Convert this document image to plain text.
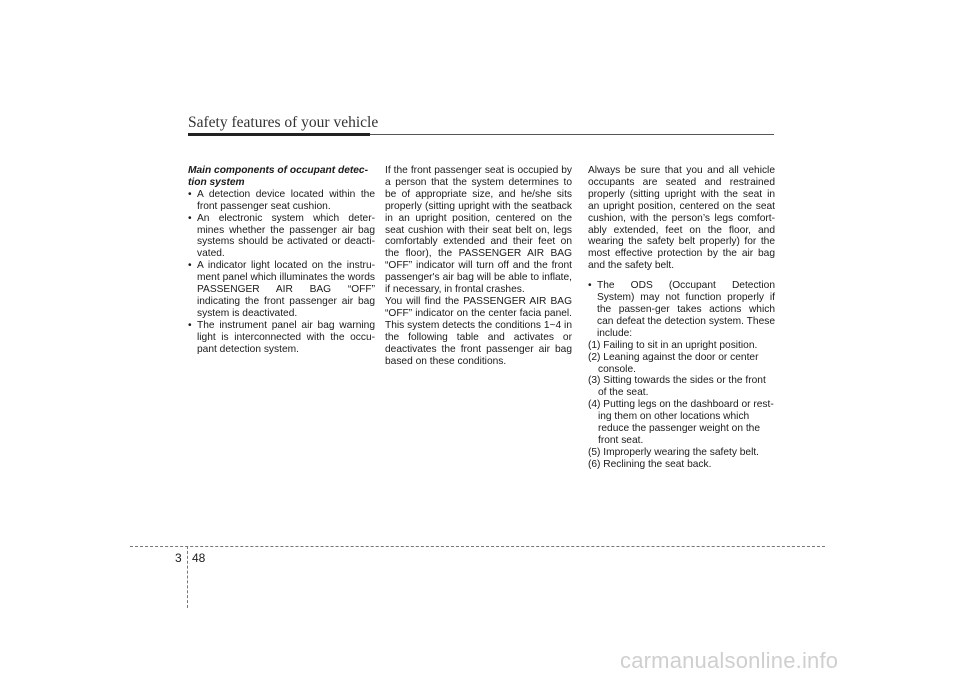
Safety features of your vehicle

Main components of occupant detec-tion system

• A detection device located within the front passenger seat cushion.

• An electronic system which deter-mines whether the passenger air bag systems should be activated or deacti-vated.

• A indicator light located on the instru-ment panel which illuminates the words PASSENGER AIR BAG “OFF” indicating the front passenger air bag system is deactivated.

• The instrument panel air bag warning light is interconnected with the occu-pant detection system.

If the front passenger seat is occupied by a person that the system determines to be of appropriate size, and he/she sits properly (sitting upright with the seatback in an upright position, centered on the seat cushion with their seat belt on, legs comfortably extended and their feet on the floor), the PASSENGER AIR BAG “OFF” indicator will turn off and the front passenger's air bag will be able to inflate, if necessary, in frontal crashes.

You will find the PASSENGER AIR BAG “OFF” indicator on the center facia panel. This system detects the conditions 1~4 in the following table and activates or deactivates the front passenger air bag based on these conditions.

Always be sure that you and all vehicle occupants are seated and restrained properly (sitting upright with the seat in an upright position, centered on the seat cushion, with the person’s legs comfort-ably extended, feet on the floor, and wearing the safety belt properly) for the most effective protection by the air bag and the safety belt.

• The ODS (Occupant Detection System) may not function properly if the passen-ger takes actions which can defeat the detection system. These include:

(1) Failing to sit in an upright position.

(2) Leaning against the door or center console.

(3) Sitting towards the sides or the front of the seat.

(4) Putting legs on the dashboard or rest-ing them on other locations which reduce the passenger weight on the front seat.

(5) Improperly wearing the safety belt.

(6) Reclining the seat back.

3 48
carmanualsonline.info
